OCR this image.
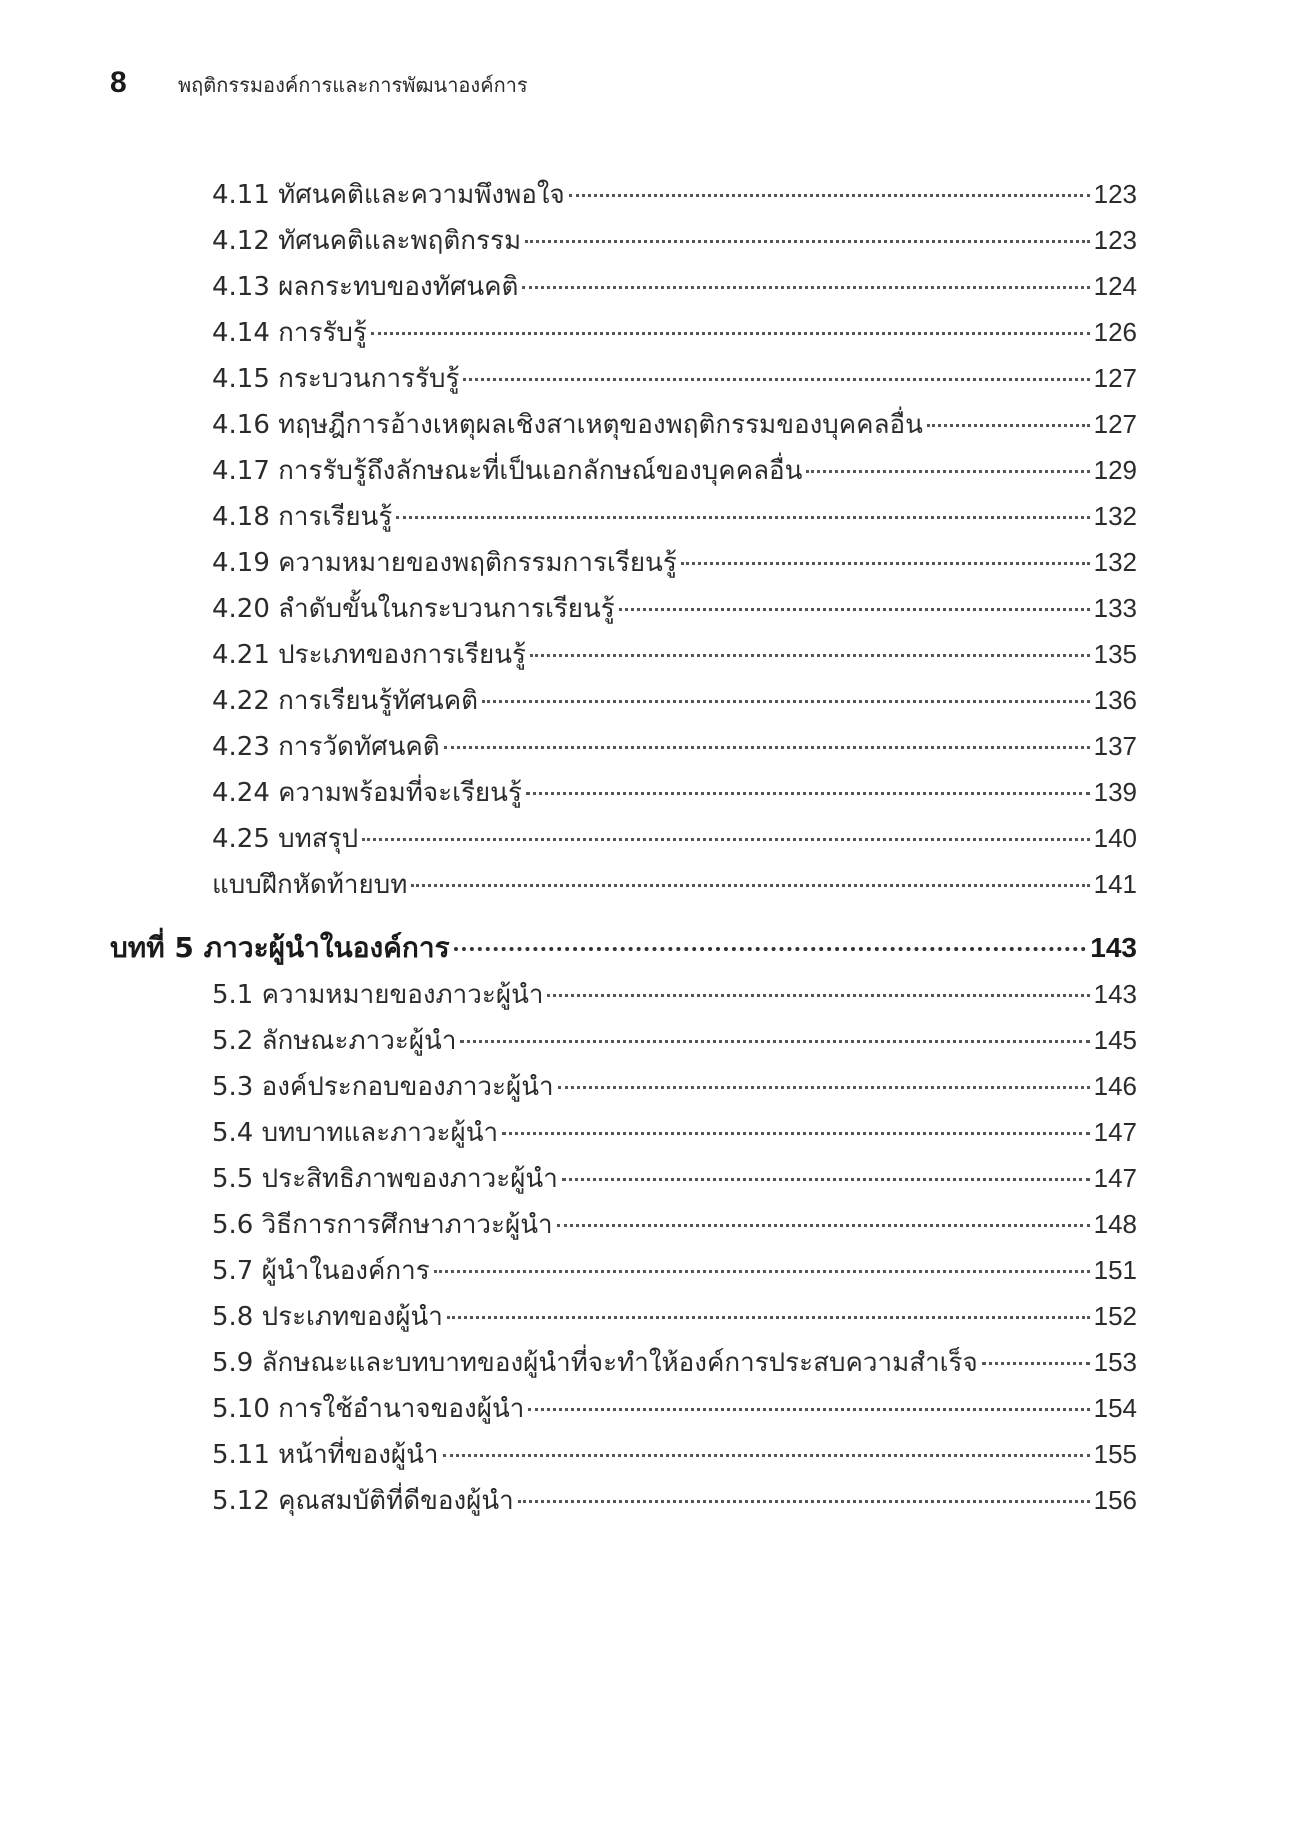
8	พฤติกรรมองค์การและการพัฒนาองค์การ
4.11 ทัศนคติและความพึงพอใจ	123
4.12 ทัศนคติและพฤติกรรม	123
4.13 ผลกระทบของทัศนคติ	124
4.14 การรับรู้	126
4.15 กระบวนการรับรู้	127
4.16 ทฤษฎีการอ้างเหตุผลเชิงสาเหตุของพฤติกรรมของบุคคลอื่น	127
4.17 การรับรู้ถึงลักษณะที่เป็นเอกลักษณ์ของบุคคลอื่น	129
4.18 การเรียนรู้	132
4.19 ความหมายของพฤติกรรมการเรียนรู้	132
4.20 ลำดับขั้นในกระบวนการเรียนรู้	133
4.21 ประเภทของการเรียนรู้	135
4.22 การเรียนรู้ทัศนคติ	136
4.23 การวัดทัศนคติ	137
4.24 ความพร้อมที่จะเรียนรู้	139
4.25 บทสรุป	140
แบบฝึกหัดท้ายบท	141
บทที่ 5 ภาวะผู้นำในองค์การ	143
5.1 ความหมายของภาวะผู้นำ	143
5.2 ลักษณะภาวะผู้นำ	145
5.3 องค์ประกอบของภาวะผู้นำ	146
5.4 บทบาทและภาวะผู้นำ	147
5.5 ประสิทธิภาพของภาวะผู้นำ	147
5.6 วิธีการการศึกษาภาวะผู้นำ	148
5.7 ผู้นำในองค์การ	151
5.8 ประเภทของผู้นำ	152
5.9 ลักษณะและบทบาทของผู้นำที่จะทำให้องค์การประสบความสำเร็จ	153
5.10 การใช้อำนาจของผู้นำ	154
5.11 หน้าที่ของผู้นำ	155
5.12 คุณสมบัติที่ดีของผู้นำ	156
